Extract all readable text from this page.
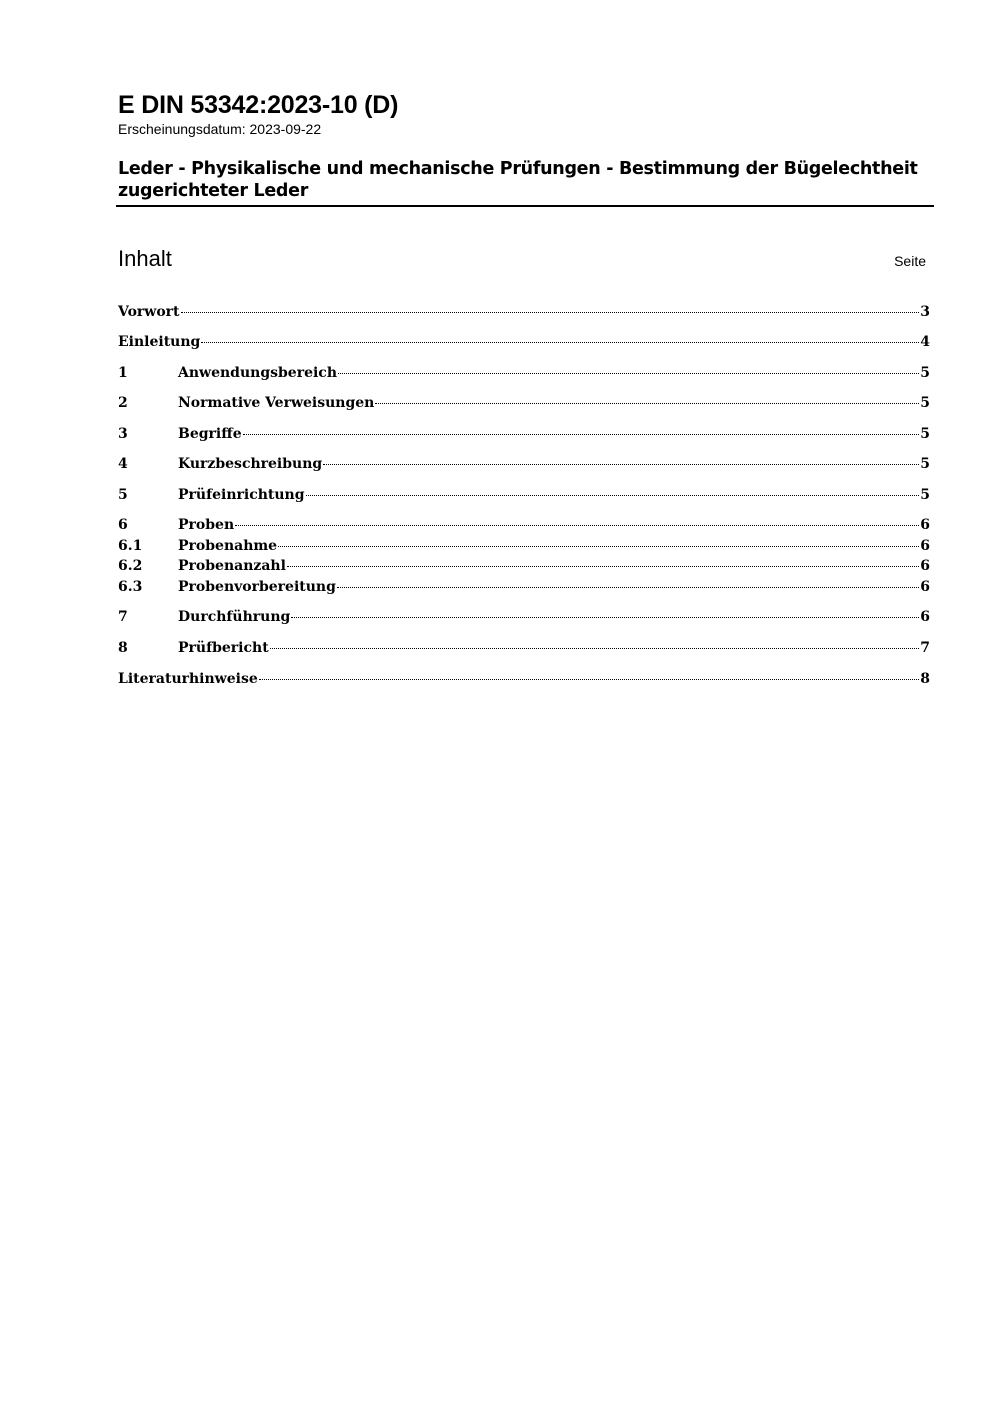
E DIN 53342:2023-10 (D)
Erscheinungsdatum: 2023-09-22
Leder - Physikalische und mechanische Prüfungen - Bestimmung der Bügelechtheit zugerichteter Leder
Inhalt	Seite
Vorwort	3
Einleitung	4
1	Anwendungsbereich	5
2	Normative Verweisungen	5
3	Begriffe	5
4	Kurzbeschreibung	5
5	Prüfeinrichtung	5
6	Proben	6
6.1	Probenahme	6
6.2	Probenanzahl	6
6.3	Probenvorbereitung	6
7	Durchführung	6
8	Prüfbericht	7
Literaturhinweise	8
